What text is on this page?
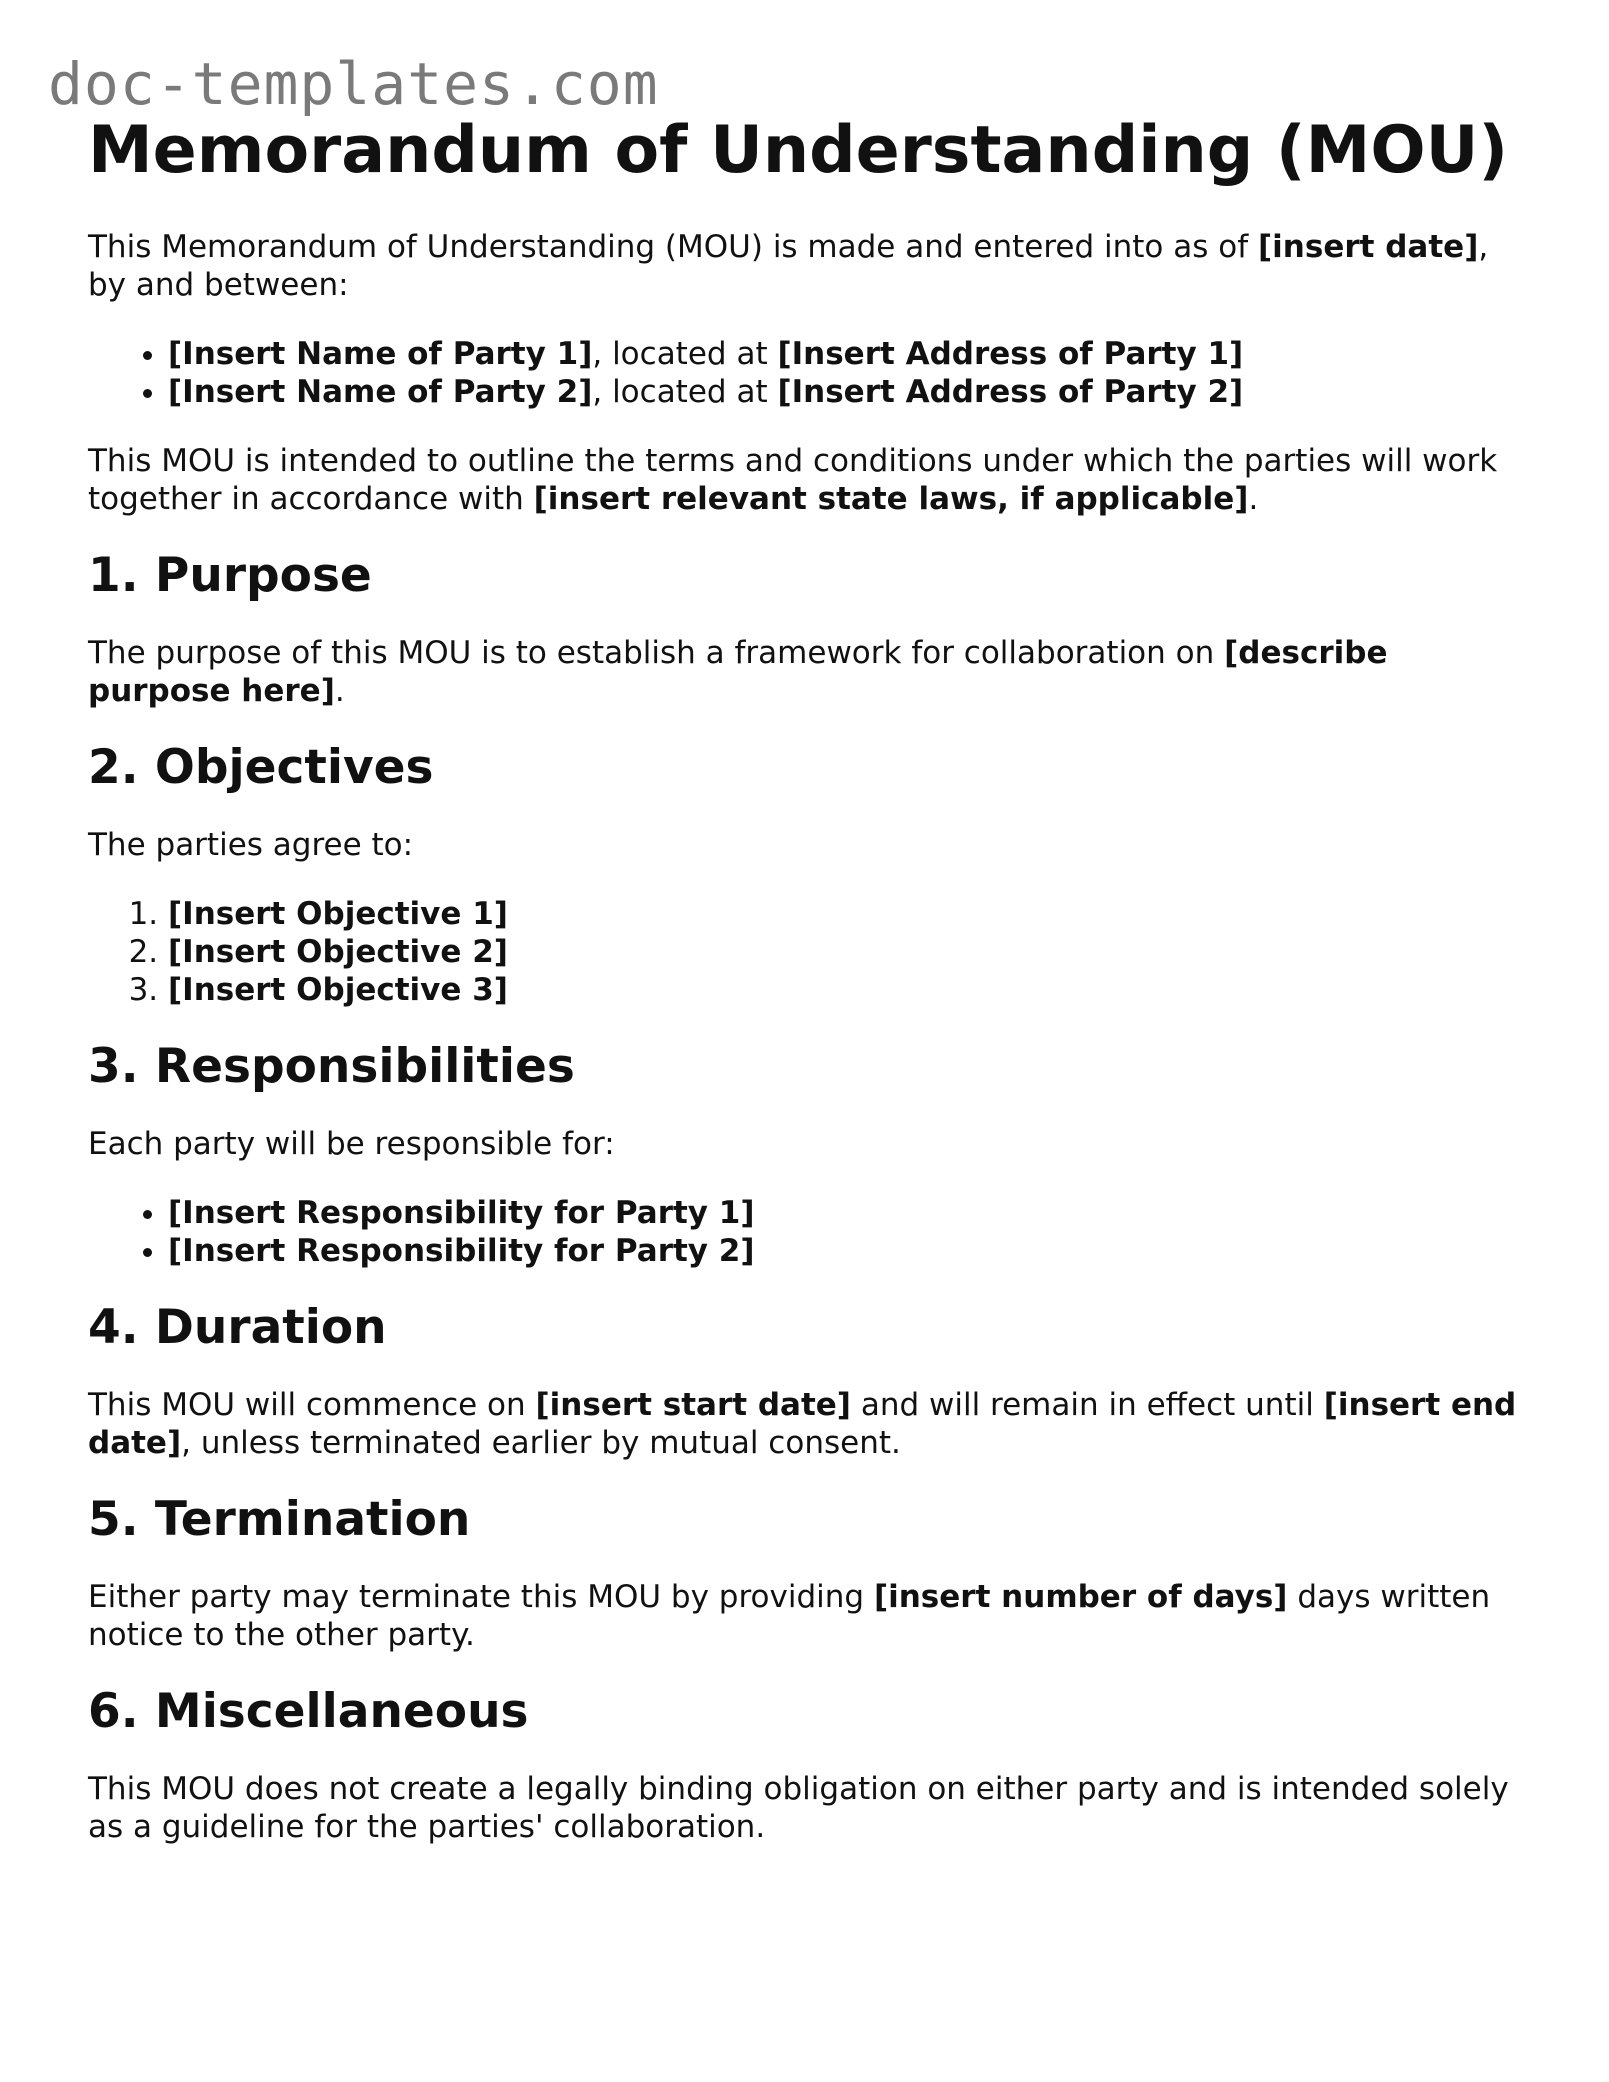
doc-templates.com
Memorandum of Understanding (MOU)

This Memorandum of Understanding (MOU) is made and entered into as of [insert date], by and between:

• [Insert Name of Party 1], located at [Insert Address of Party 1]
• [Insert Name of Party 2], located at [Insert Address of Party 2]

This MOU is intended to outline the terms and conditions under which the parties will work together in accordance with [insert relevant state laws, if applicable].

1. Purpose

The purpose of this MOU is to establish a framework for collaboration on [describe purpose here].

2. Objectives

The parties agree to:

1. [Insert Objective 1]
2. [Insert Objective 2]
3. [Insert Objective 3]
3. Responsibilities

Each party will be responsible for:

• [Insert Responsibility for Party 1]
• [Insert Responsibility for Party 2]
4. Duration

This MOU will commence on [insert start date] and will remain in effect until [insert end date], unless terminated earlier by mutual consent.

5. Termination

Either party may terminate this MOU by providing [insert number of days] days written notice to the other party.

6. Miscellaneous

This MOU does not create a legally binding obligation on either party and is intended solely as a guideline for the parties' collaboration.
